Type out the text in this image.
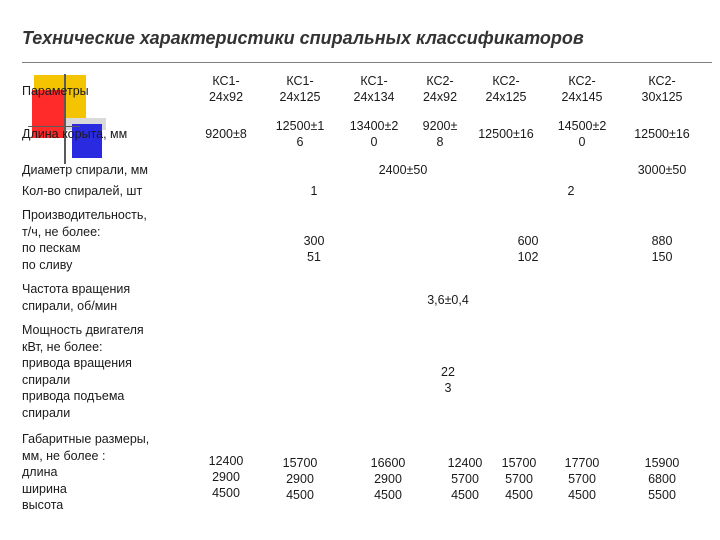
Технические характеристики спиральных классификаторов
КС1-
24х92
КС1-
24х125
КС1-
24х134
КС2-
24х92
КС2-
24х125
КС2-
24х145
КС2-
30х125
Параметры
Длина корыта, мм
Диаметр спирали, мм
Кол-во спиралей, шт
Производительность,
т/ч, не более:
по пескам
по сливу
Частота вращения
спирали, об/мин
Мощность двигателя
кВт, не более:
привода вращения
спирали
привода подъема
спирали
Габаритные размеры,
мм, не более :
длина
ширина
высота
9200±8
12500±1
6
13400±2
0
9200±
8
12500±16
14500±2
0
12500±16
2400±50	3000±50
1	2
300
51
600
102
880
150
3,6±0,4
22
3
12400
2900
4500
15700
2900
4500
16600
2900
4500
12400
5700
4500
15700
5700
4500
17700
5700
4500
15900
6800
5500
